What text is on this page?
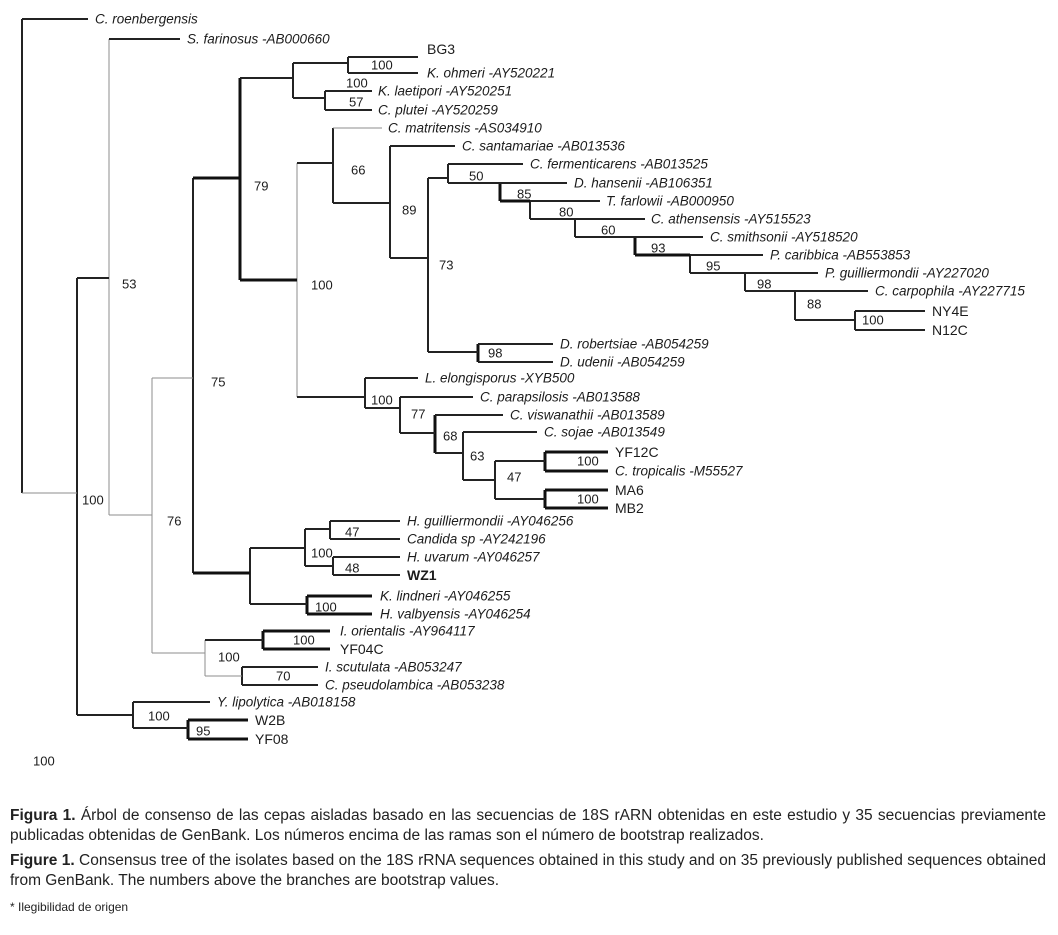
C. roenbergensis
S. farinosus -AB000660
BG3
K. ohmeri -AY520221
K. laetipori -AY520251
C. plutei -AY520259
C. matritensis -AS034910
C. santamariae -AB013536
C. fermenticarens -AB013525
D. hansenii -AB106351
T. farlowii -AB000950
C. athensensis -AY515523
C. smithsonii -AY518520
P. caribbica -AB553853
P. guilliermondii -AY227020
C. carpophila -AY227715
NY4E
N12C
D. robertsiae -AB054259
D. udenii -AB054259
L. elongisporus -XYB500
C. parapsilosis -AB013588
C. viswanathii -AB013589
C. sojae -AB013549
YF12C
C. tropicalis -M55527
MA6
MB2
H. guilliermondii -AY046256
Candida sp -AY242196
H. uvarum -AY046257
WZ1
K. lindneri -AY046255
H. valbyensis -AY046254
I. orientalis -AY964117
YF04C
I. scutulata -AB053247
C. pseudolambica -AB053238
Y. lipolytica -AB018158
W2B
YF08
100
53
76
75
79
100
100
57
100
66
89
73
50
85
80
60
93
95
98
88
100
98
100
77
68
63
47
100
100
47
100
48
100
100
100
70
100
95
100

Figura 1. Árbol de consenso de las cepas aisladas basado en las secuencias de 18S rARN obtenidas en este estudio y 35 secuencias previamente publicadas obtenidas de GenBank. Los números encima de las ramas son el número de bootstrap realizados.

Figure 1. Consensus tree of the isolates based on the 18S rRNA sequences obtained in this study and on 35 previously published sequences obtained from GenBank. The numbers above the branches are bootstrap values.

* Ilegibilidad de origen
